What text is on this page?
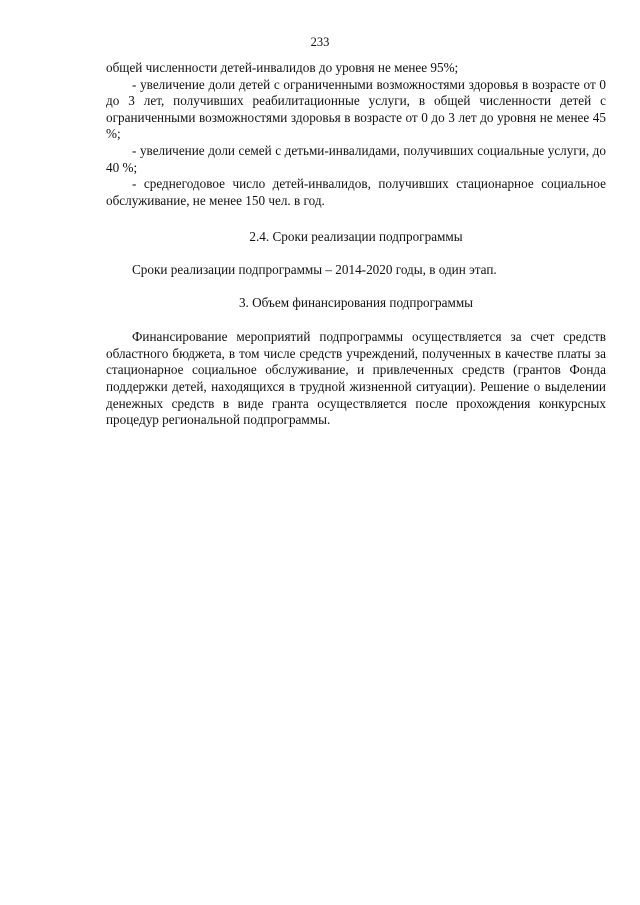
233

общей численности детей-инвалидов до уровня не менее 95%;

- увеличение доли детей с ограниченными возможностями здоровья в возрасте от 0 до 3 лет, получивших реабилитационные услуги, в общей численности детей с ограниченными возможностями здоровья в возрасте от 0 до 3 лет до уровня не менее 45 %;

- увеличение доли семей с детьми-инвалидами, получивших социальные услуги, до 40 %;

- среднегодовое число детей-инвалидов, получивших стационарное социальное обслуживание, не менее 150 чел. в год.

2.4. Сроки реализации подпрограммы

Сроки реализации подпрограммы – 2014-2020 годы, в один этап.

3. Объем финансирования подпрограммы

Финансирование мероприятий подпрограммы осуществляется за счет средств областного бюджета, в том числе средств учреждений, полученных в качестве платы за стационарное социальное обслуживание, и привлеченных средств (грантов Фонда поддержки детей, находящихся в трудной жизненной ситуации). Решение о выделении денежных средств в виде гранта осуществляется после прохождения конкурсных процедур региональной подпрограммы.
